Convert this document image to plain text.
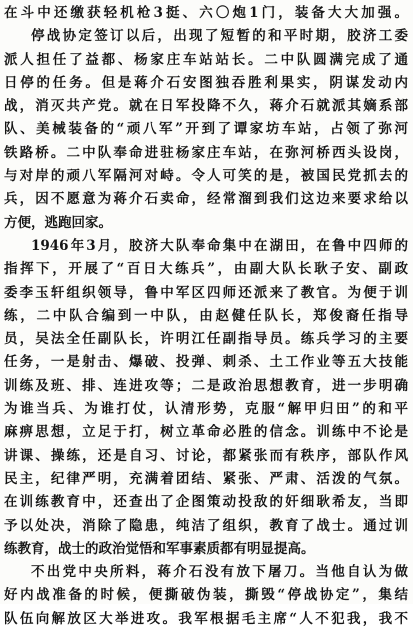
在斗中还缴获轻机枪3挺、六〇炮1门，装备大大加强。
停战协定签订以后，出现了短暂的和平时期，胶济工委
派人担任了益都、杨家庄车站站长。二中队圆满完成了通
日停的任务。但是蒋介石安图独吞胜利果实，阴谋发动内
战，消灭共产党。就在日军投降不久，蒋介石就派其嫡系部
队、美械装备的“顽八军”开到了谭家坊车站，占领了弥河
铁路桥。二中队奉命进驻杨家庄车站，在弥河桥西头设岗，
与对岸的顽八军隔河对峙。令人可笑的是，被国民党抓去的
兵，因不愿意为蒋介石卖命，经常溜到我们这边来要求给以
方便，逃跑回家。
1946年3月，胶济大队奉命集中在湖田，在鲁中四师的
指挥下，开展了“百日大练兵”，由副大队长耿子安、副政
委李玉轩组织领导，鲁中军区四师还派来了教官。为便于训
练，二中队合编到一中队，由赵健任队长，郑俊裔任指导
员，吴法全任副队长，许明江任副指导员。练兵学习的主要
任务，一是射击、爆破、投弹、刺杀、土工作业等五大技能
训练及班、排、连进攻等；二是政治思想教育，进一步明确
为谁当兵、为谁打仗，认清形势，克服“解甲归田”的和平
麻痹思想，立足于打，树立革命必胜的信念。训练中不论是
讲课、操练，还是自习、讨论，都紧张而有秩序，部队作风
民主，纪律严明，充满着团结、紧张、严肃、活泼的气氛。
在训练教育中，还查出了企图策动投敌的奸细耿希友，当即
予以处决，消除了隐患，纯洁了组织，教育了战士。通过训
练教育，战士的政治觉悟和军事素质都有明显提高。
不出党中央所料，蒋介石没有放下屠刀。当他自认为做
好内战准备的时候，便撕破伪装，撕毁“停战协定”，集结
队伍向解放区大举进攻。我军根据毛主席“人不犯我，我不
